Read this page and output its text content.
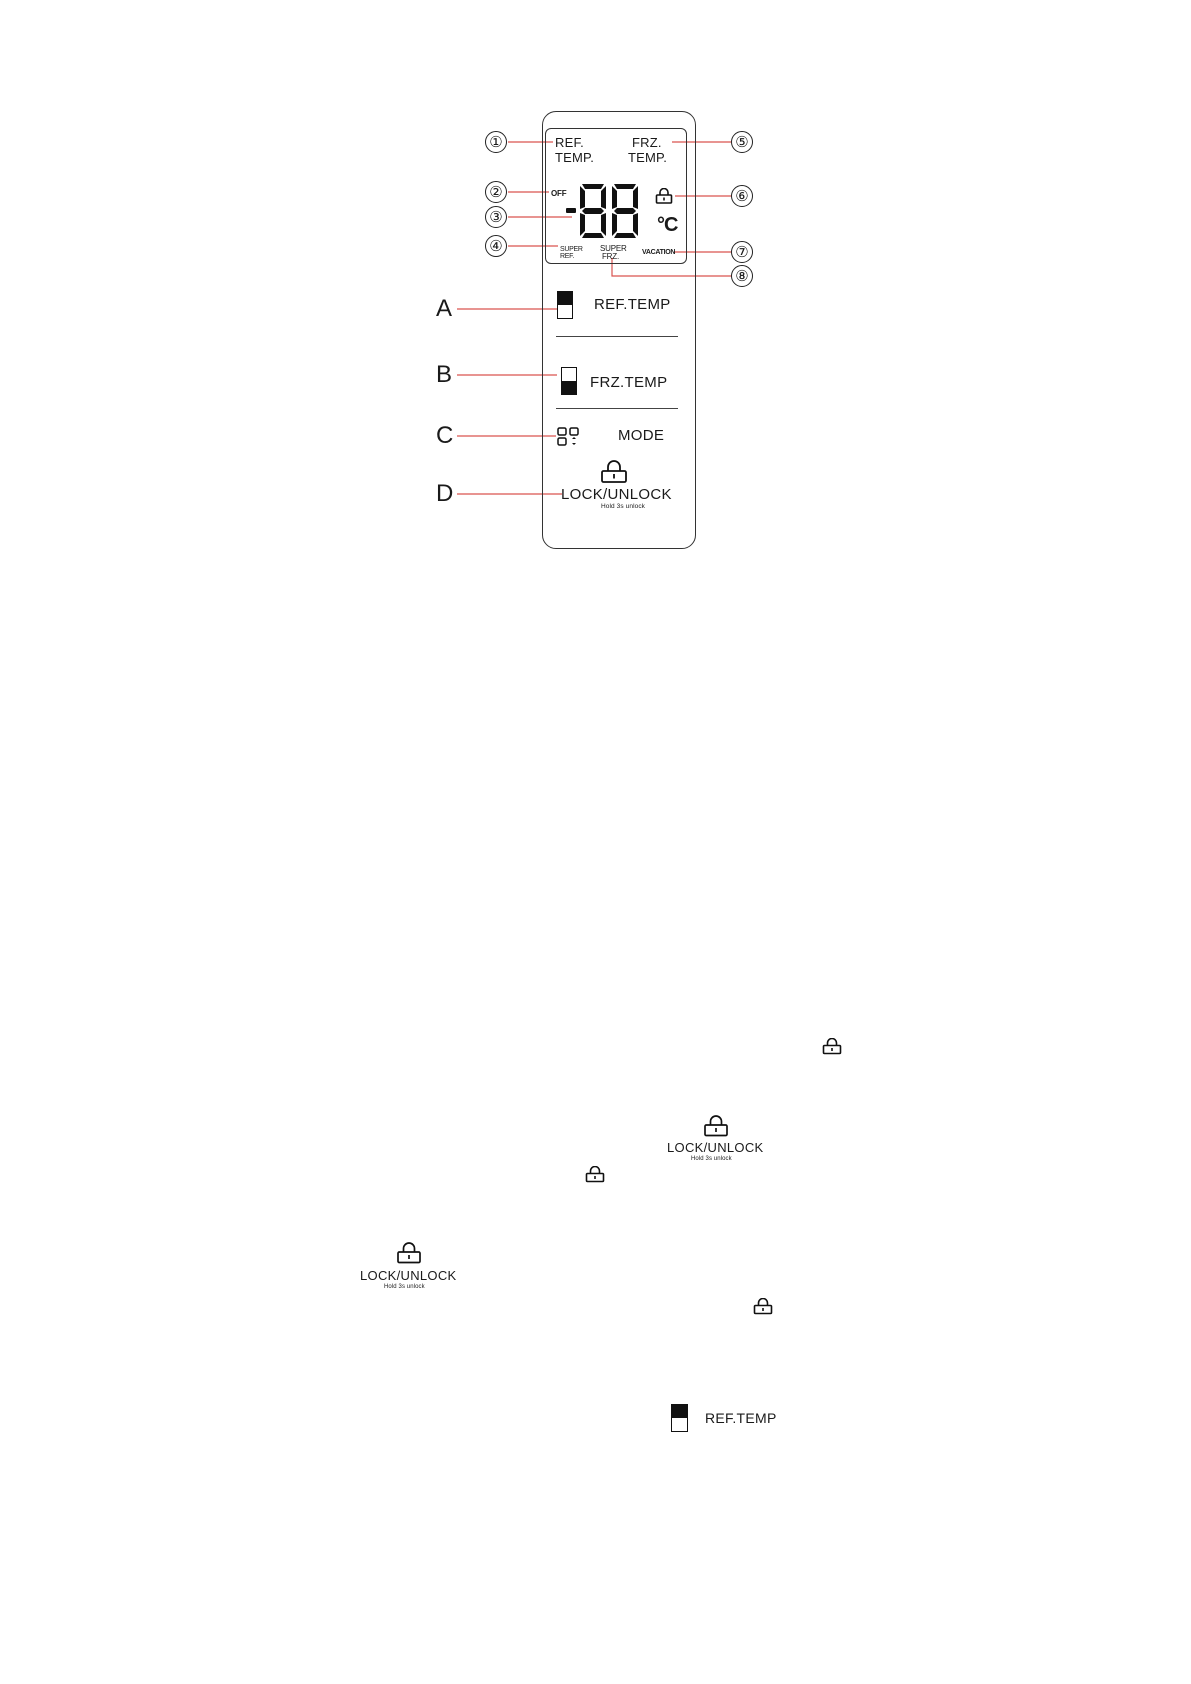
REF.
TEMP.
FRZ.
TEMP.
OFF
°C
SUPER
REF.
SUPER
FRZ.	VACATION
①
②
③
④
⑤
⑥
⑦
⑧
A
B
C
D
REF.TEMP
FRZ.TEMP
MODE
LOCK/UNLOCK
Hold 3s unlock
LOCK/UNLOCK
Hold 3s unlock
LOCK/UNLOCK
Hold 3s unlock
REF.TEMP
